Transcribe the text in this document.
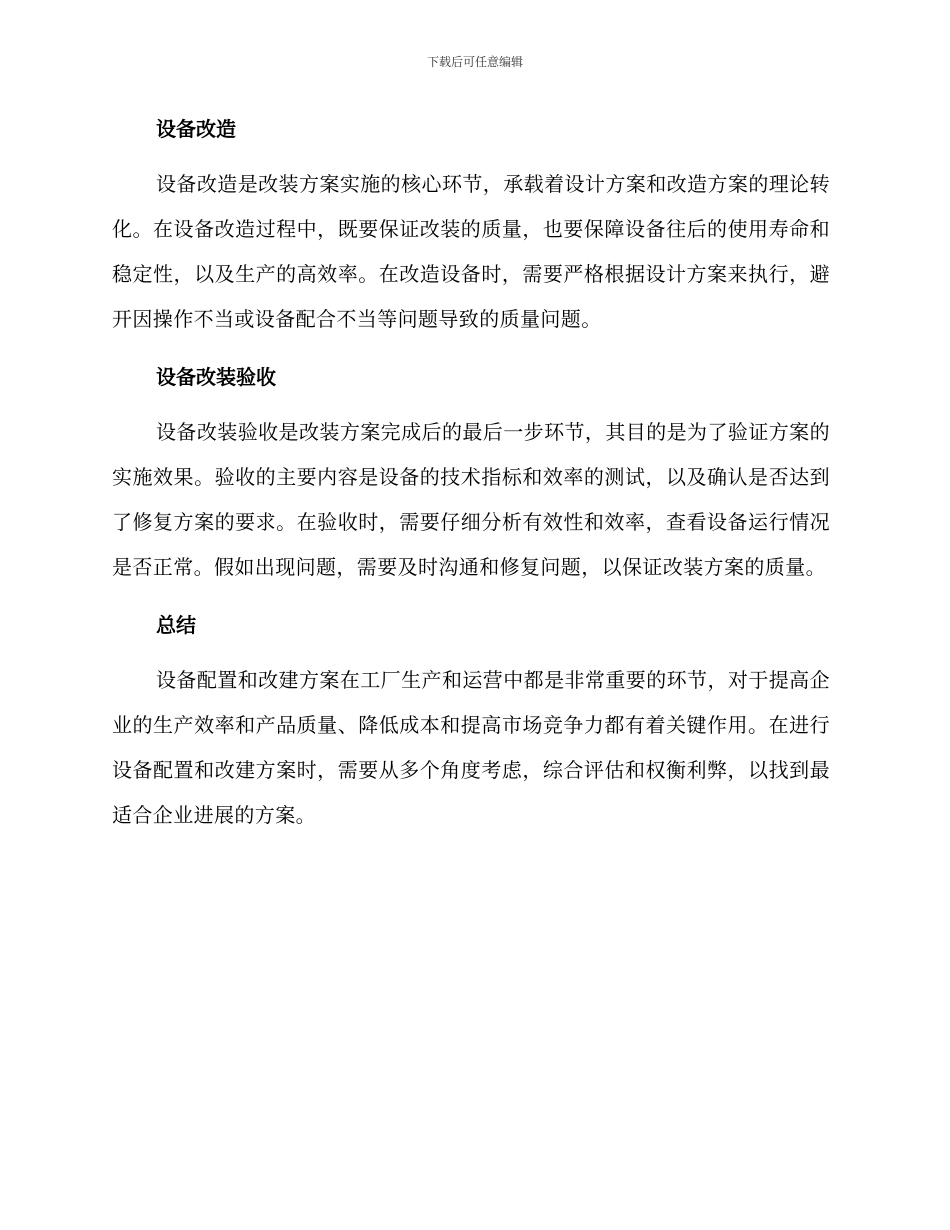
下载后可任意编辑
设备改造

设备改造是改装方案实施的核心环节，承载着设计方案和改造方案的理论转化。在设备改造过程中，既要保证改装的质量，也要保障设备往后的使用寿命和稳定性，以及生产的高效率。在改造设备时，需要严格根据设计方案来执行，避开因操作不当或设备配合不当等问题导致的质量问题。

设备改装验收

设备改装验收是改装方案完成后的最后一步环节，其目的是为了验证方案的实施效果。验收的主要内容是设备的技术指标和效率的测试，以及确认是否达到了修复方案的要求。在验收时，需要仔细分析有效性和效率，查看设备运行情况是否正常。假如出现问题，需要及时沟通和修复问题，以保证改装方案的质量。

总结

设备配置和改建方案在工厂生产和运营中都是非常重要的环节，对于提高企业的生产效率和产品质量、降低成本和提高市场竞争力都有着关键作用。在进行设备配置和改建方案时，需要从多个角度考虑，综合评估和权衡利弊，以找到最适合企业进展的方案。
